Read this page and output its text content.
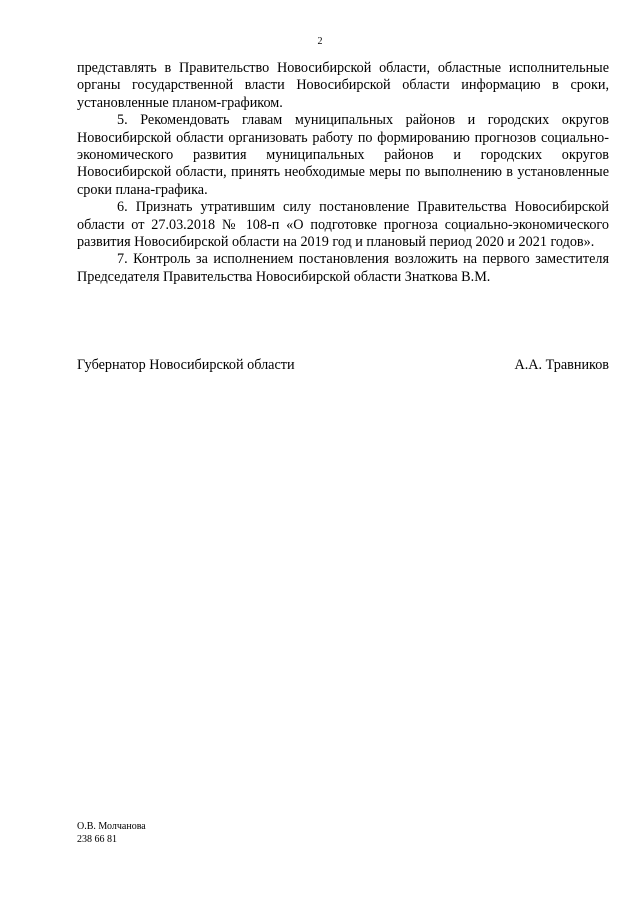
2

представлять в Правительство Новосибирской области, областные исполнительные органы государственной власти Новосибирской области информацию в сроки, установленные планом-графиком.

5. Рекомендовать главам муниципальных районов и городских округов Новосибирской области организовать работу по формированию прогнозов социально-экономического развития муниципальных районов и городских округов Новосибирской области, принять необходимые меры по выполнению в установленные сроки плана-графика.

6. Признать утратившим силу постановление Правительства Новосибирской области от 27.03.2018 № 108-п «О подготовке прогноза социально-экономического развития Новосибирской области на 2019 год и плановый период 2020 и 2021 годов».

7. Контроль за исполнением постановления возложить на первого заместителя Председателя Правительства Новосибирской области Знаткова В.М.

Губернатор Новосибирской области	А.А. Травников
О.В. Молчанова
238 66 81
